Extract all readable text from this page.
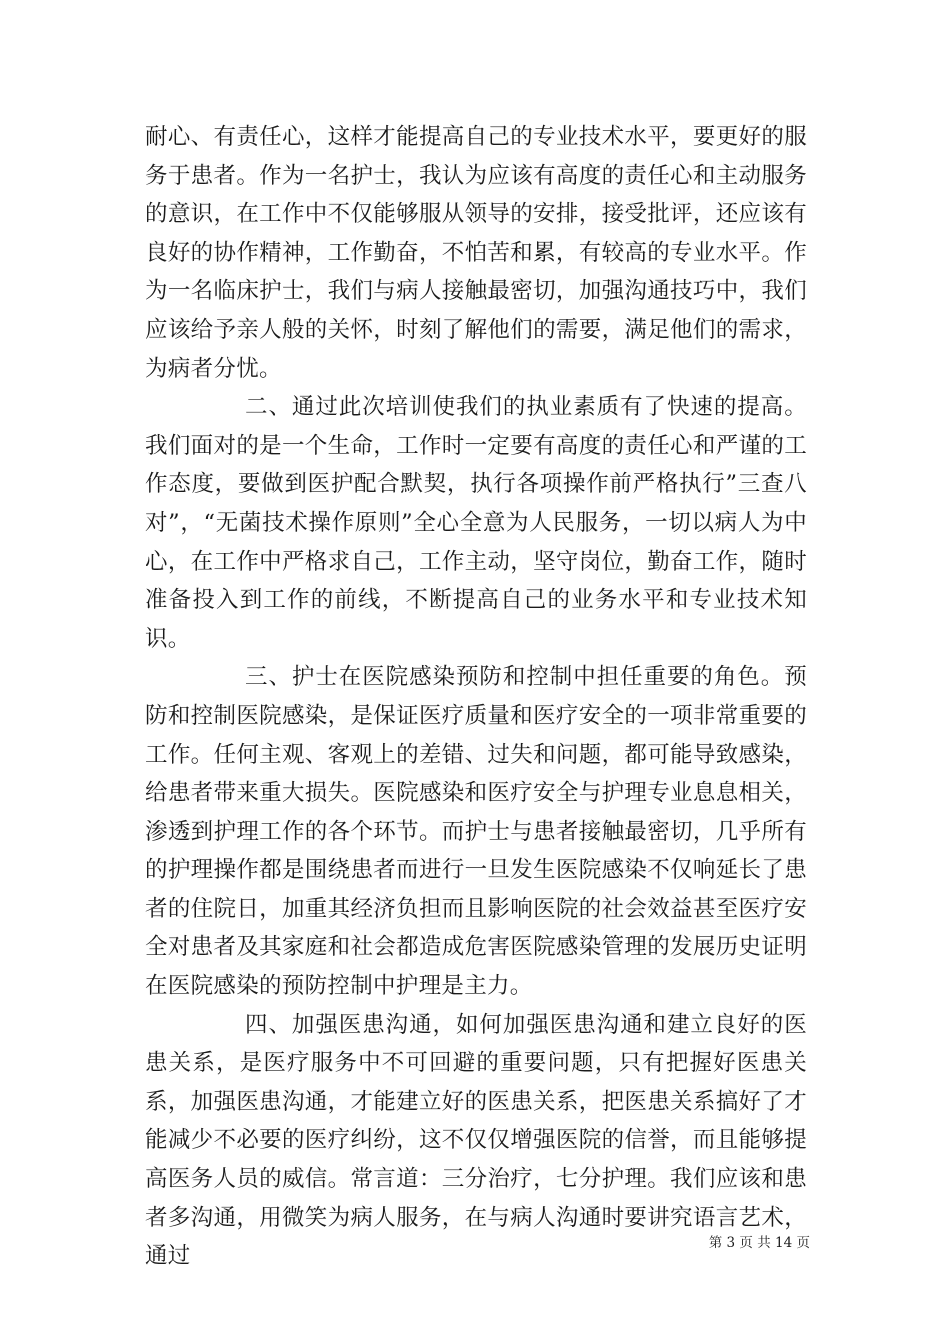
耐心、有责任心，这样才能提高自己的专业技术水平，要更好的服务于患者。作为一名护士，我认为应该有高度的责任心和主动服务的意识，在工作中不仅能够服从领导的安排，接受批评，还应该有良好的协作精神，工作勤奋，不怕苦和累，有较高的专业水平。作为一名临床护士，我们与病人接触最密切，加强沟通技巧中，我们应该给予亲人般的关怀，时刻了解他们的需要，满足他们的需求，为病者分忧。

二、通过此次培训使我们的执业素质有了快速的提高。我们面对的是一个生命，工作时一定要有高度的责任心和严谨的工作态度，要做到医护配合默契，执行各项操作前严格执行”三查八对”，“无菌技术操作原则”全心全意为人民服务，一切以病人为中心，在工作中严格求自己，工作主动，坚守岗位，勤奋工作，随时准备投入到工作的前线，不断提高自己的业务水平和专业技术知识。

三、护士在医院感染预防和控制中担任重要的角色。预防和控制医院感染，是保证医疗质量和医疗安全的一项非常重要的工作。任何主观、客观上的差错、过失和问题，都可能导致感染，给患者带来重大损失。医院感染和医疗安全与护理专业息息相关，渗透到护理工作的各个环节。而护士与患者接触最密切，几乎所有的护理操作都是围绕患者而进行一旦发生医院感染不仅响延长了患者的住院日，加重其经济负担而且影响医院的社会效益甚至医疗安全对患者及其家庭和社会都造成危害医院感染管理的发展历史证明在医院感染的预防控制中护理是主力。

四、加强医患沟通，如何加强医患沟通和建立良好的医患关系，是医疗服务中不可回避的重要问题，只有把握好医患关系，加强医患沟通，才能建立好的医患关系，把医患关系搞好了才能减少不必要的医疗纠纷，这不仅仅增强医院的信誉，而且能够提高医务人员的威信。常言道：三分治疗，七分护理。我们应该和患者多沟通，用微笑为病人服务，在与病人沟通时要讲究语言艺术，通过

第 3 页 共 14 页
